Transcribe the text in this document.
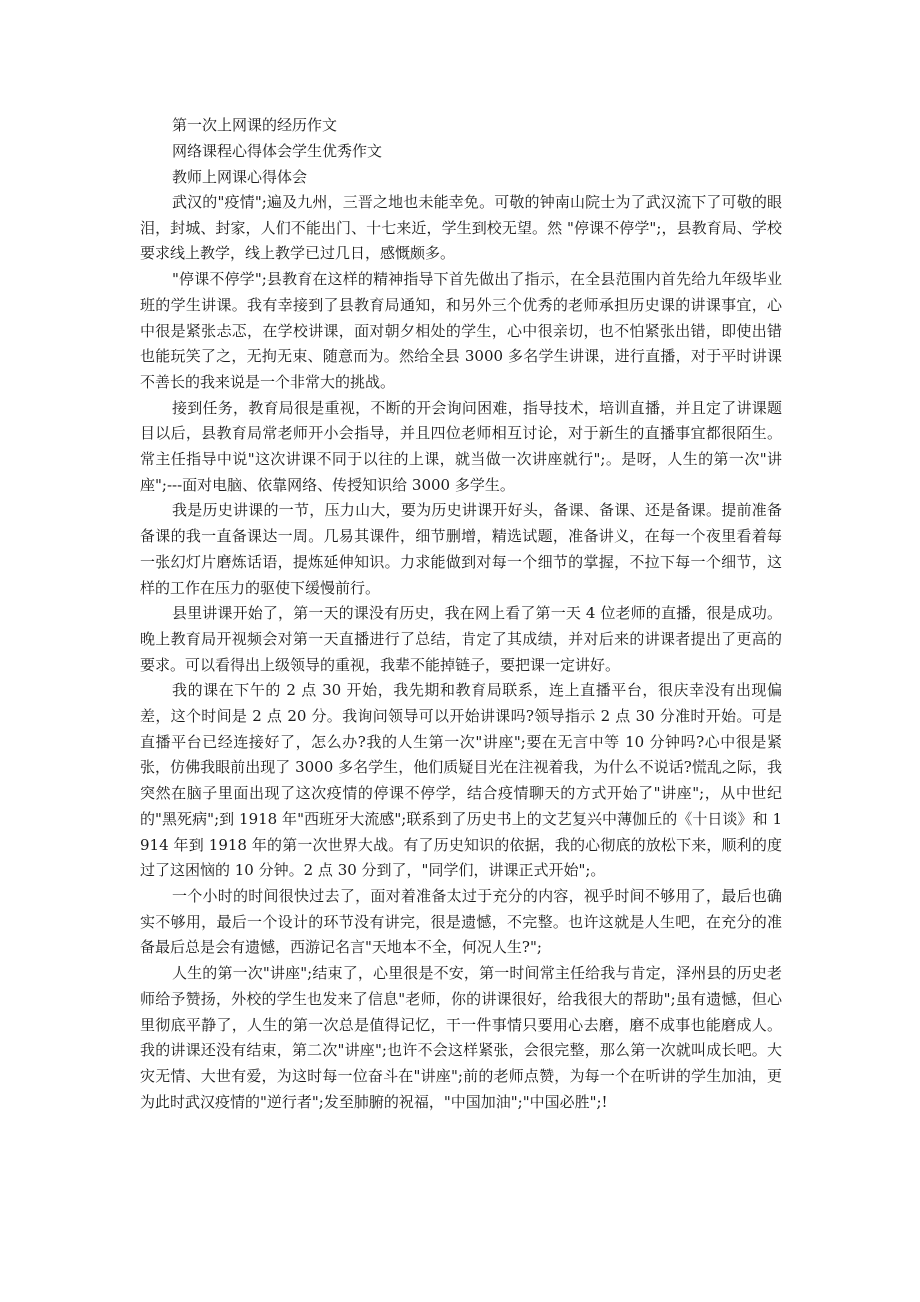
第一次上网课的经历作文

网络课程心得体会学生优秀作文

教师上网课心得体会

武汉的"疫情";遍及九州，三晋之地也未能幸免。可敬的钟南山院士为了武汉流下了可敬的眼泪，封城、封家，人们不能出门、十七来近，学生到校无望。然 "停课不停学";，县教育局、学校要求线上教学，线上教学已过几日，感慨颇多。

"停课不停学";县教育在这样的精神指导下首先做出了指示，在全县范围内首先给九年级毕业班的学生讲课。我有幸接到了县教育局通知，和另外三个优秀的老师承担历史课的讲课事宜，心中很是紧张忐忑，在学校讲课，面对朝夕相处的学生，心中很亲切，也不怕紧张出错，即使出错也能玩笑了之，无拘无束、随意而为。然给全县 3000 多名学生讲课，进行直播，对于平时讲课不善长的我来说是一个非常大的挑战。

接到任务，教育局很是重视，不断的开会询问困难，指导技术，培训直播，并且定了讲课题目以后，县教育局常老师开小会指导，并且四位老师相互讨论，对于新生的直播事宜都很陌生。常主任指导中说"这次讲课不同于以往的上课，就当做一次讲座就行";。是呀，人生的第一次"讲座";---面对电脑、依靠网络、传授知识给 3000 多学生。

我是历史讲课的一节，压力山大，要为历史讲课开好头，备课、备课、还是备课。提前准备备课的我一直备课达一周。几易其课件，细节删增，精选试题，准备讲义，在每一个夜里看着每一张幻灯片磨炼话语，提炼延伸知识。力求能做到对每一个细节的掌握，不拉下每一个细节，这样的工作在压力的驱使下缓慢前行。

县里讲课开始了，第一天的课没有历史，我在网上看了第一天 4 位老师的直播，很是成功。晚上教育局开视频会对第一天直播进行了总结，肯定了其成绩，并对后来的讲课者提出了更高的要求。可以看得出上级领导的重视，我辈不能掉链子，要把课一定讲好。

我的课在下午的 2 点 30 开始，我先期和教育局联系，连上直播平台，很庆幸没有出现偏差，这个时间是 2 点 20 分。我询问领导可以开始讲课吗?领导指示 2 点 30 分准时开始。可是直播平台已经连接好了，怎么办?我的人生第一次"讲座";要在无言中等 10 分钟吗?心中很是紧张，仿佛我眼前出现了 3000 多名学生，他们质疑目光在注视着我，为什么不说话?慌乱之际，我突然在脑子里面出现了这次疫情的停课不停学，结合疫情聊天的方式开始了"讲座";，从中世纪的"黑死病";到 1918 年"西班牙大流感";联系到了历史书上的文艺复兴中薄伽丘的《十日谈》和 1914 年到 1918 年的第一次世界大战。有了历史知识的依据，我的心彻底的放松下来，顺利的度过了这困恼的 10 分钟。2 点 30 分到了，"同学们，讲课正式开始";。

一个小时的时间很快过去了，面对着准备太过于充分的内容，视乎时间不够用了，最后也确实不够用，最后一个设计的环节没有讲完，很是遗憾，不完整。也许这就是人生吧，在充分的准备最后总是会有遗憾，西游记名言"天地本不全，何况人生?";

人生的第一次"讲座";结束了，心里很是不安，第一时间常主任给我与肯定，泽州县的历史老师给予赞扬，外校的学生也发来了信息"老师，你的讲课很好，给我很大的帮助";虽有遗憾，但心里彻底平静了，人生的第一次总是值得记忆，干一件事情只要用心去磨，磨不成事也能磨成人。我的讲课还没有结束，第二次"讲座";也许不会这样紧张，会很完整，那么第一次就叫成长吧。大灾无情、大世有爱，为这时每一位奋斗在"讲座";前的老师点赞，为每一个在听讲的学生加油，更为此时武汉疫情的"逆行者";发至肺腑的祝福，"中国加油";"中国必胜";!
